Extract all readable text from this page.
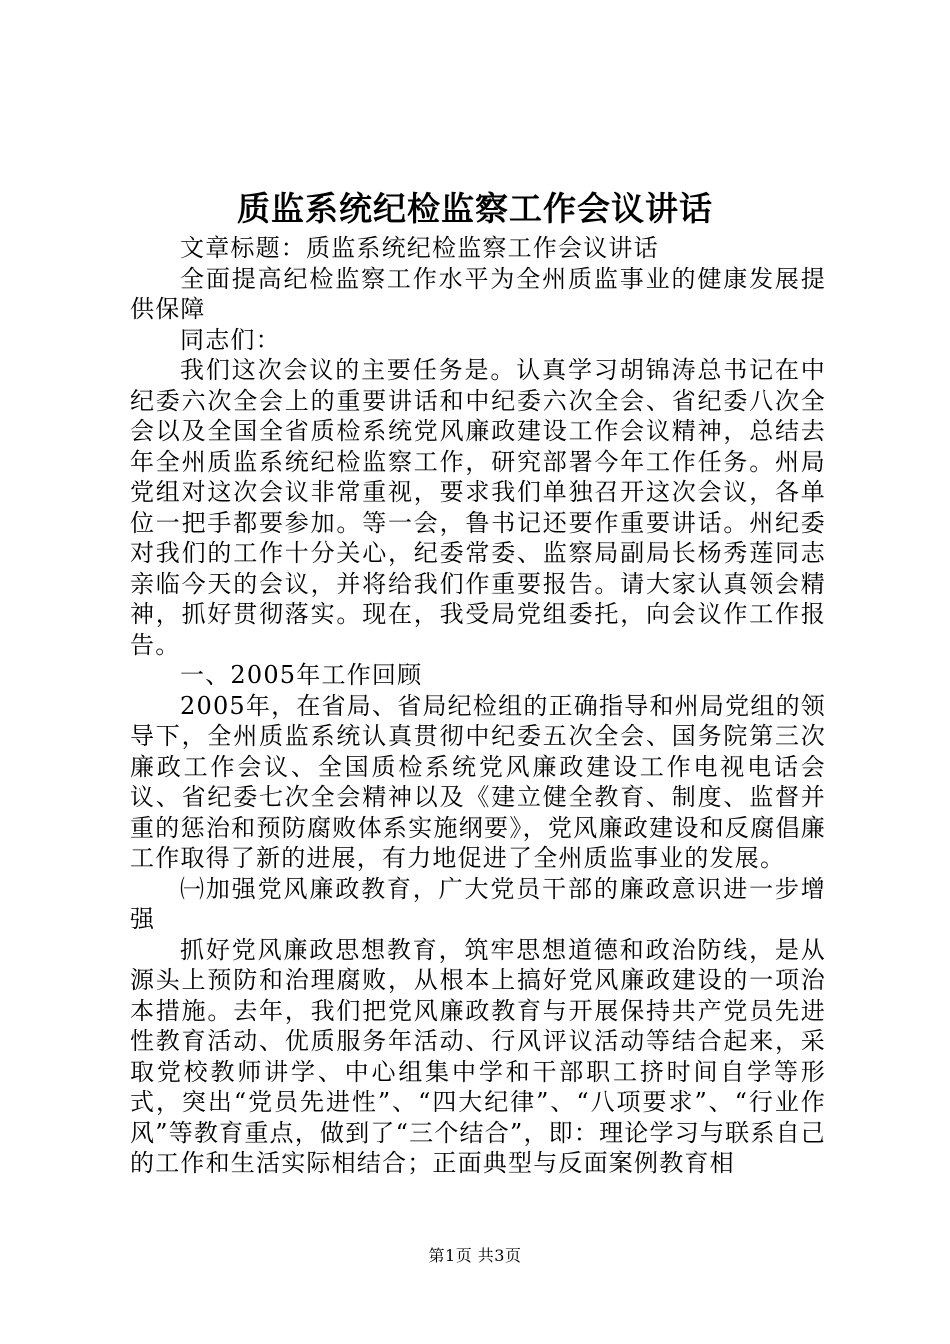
质监系统纪检监察工作会议讲话

文章标题：质监系统纪检监察工作会议讲话

全面提高纪检监察工作水平为全州质监事业的健康发展提供保障

同志们：

我们这次会议的主要任务是。认真学习胡锦涛总书记在中纪委六次全会上的重要讲话和中纪委六次全会、省纪委八次全会以及全国全省质检系统党风廉政建设工作会议精神，总结去年全州质监系统纪检监察工作，研究部署今年工作任务。州局党组对这次会议非常重视，要求我们单独召开这次会议，各单位一把手都要参加。等一会，鲁书记还要作重要讲话。州纪委对我们的工作十分关心，纪委常委、监察局副局长杨秀莲同志亲临今天的会议，并将给我们作重要报告。请大家认真领会精神，抓好贯彻落实。现在，我受局党组委托，向会议作工作报告。

一、2005年工作回顾

2005年，在省局、省局纪检组的正确指导和州局党组的领导下，全州质监系统认真贯彻中纪委五次全会、国务院第三次廉政工作会议、全国质检系统党风廉政建设工作电视电话会议、省纪委七次全会精神以及《建立健全教育、制度、监督并重的惩治和预防腐败体系实施纲要》，党风廉政建设和反腐倡廉工作取得了新的进展，有力地促进了全州质监事业的发展。

㈠加强党风廉政教育，广大党员干部的廉政意识进一步增强

抓好党风廉政思想教育，筑牢思想道德和政治防线，是从源头上预防和治理腐败，从根本上搞好党风廉政建设的一项治本措施。去年，我们把党风廉政教育与开展保持共产党员先进性教育活动、优质服务年活动、行风评议活动等结合起来，采取党校教师讲学、中心组集中学和干部职工挤时间自学等形式，突出“党员先进性”、“四大纪律”、“八项要求”、“行业作风”等教育重点，做到了“三个结合”，即：理论学习与联系自己的工作和生活实际相结合；正面典型与反面案例教育相

第1页 共3页
